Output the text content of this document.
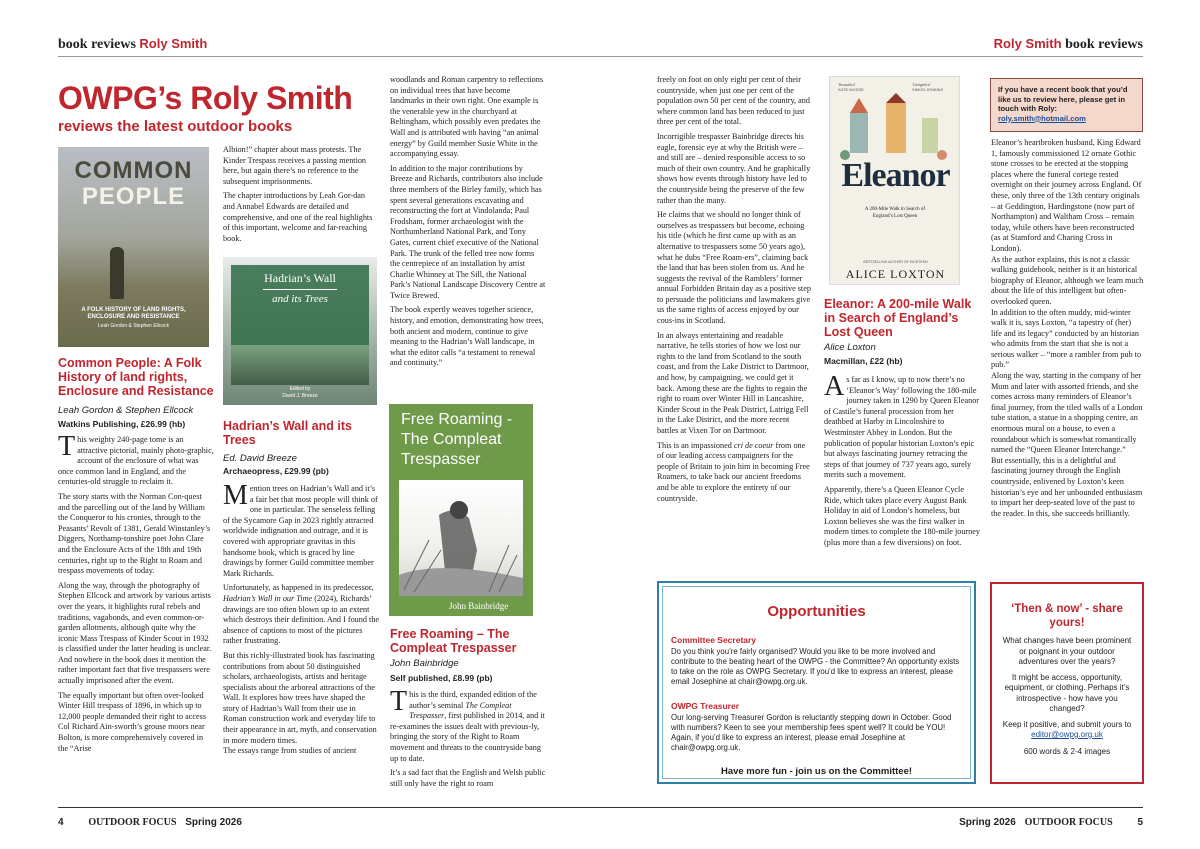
book reviews Roly Smith
OWPG’s Roly Smith
reviews the latest outdoor books
COMMON
PEOPLE
A FOLK HISTORY OF LAND RIGHTS, ENCLOSURE AND RESISTANCE
Leah Gordon & Stephen Ellcock
Common People: A Folk History of land rights, Enclosure and Resistance
Leah Gordon & Stephen Ellcock
Watkins Publishing, £26.99 (hb)

This weighty 240-page tome is an attractive pictorial, mainly photo-graphic, account of the enclosure of what was once common land in England, and the centuries-old struggle to reclaim it.

The story starts with the Norman Con-quest and the parcelling out of the land by William the Conqueror to his cronies, through to the Peasants’ Revolt of 1381, Gerald Winstanley’s Diggers, Northamp-tonshire poet John Clare and the Enclosure Acts of the 18th and 19th centuries, right up to the Right to Roam and trespass movements of today.

Along the way, through the photography of Stephen Ellcock and artwork by various artists over the years, it highlights rural rebels and traditions, vagabonds, and even common-or-garden allotments, although quite why the iconic Mass Trespass of Kinder Scout in 1932 is classified under the latter heading is unclear. And nowhere in the book does it mention the rather important fact that five trespassers were actually imprisoned after the event.

The equally important but often over-looked Winter Hill trespass of 1896, in which up to 12,000 people demanded their right to access Col Richard Ain-sworth’s grouse moors near Bolton, is more comprehensively covered in the “Arise

Albion!” chapter about mass protests. The Kinder Trespass receives a passing mention here, but again there’s no reference to the subsequent imprisonments.

The chapter introductions by Leah Gor-dan and Annabel Edwards are detailed and comprehensive, and one of the real highlights of this important, welcome and far-reaching book.

Hadrian’s Wall
and its Trees
Edited by
David J. Breeze
Hadrian’s Wall and its Trees
Ed. David Breeze
Archaeopress, £29.99 (pb)

Mention trees on Hadrian’s Wall and it’s a fair bet that most people will think of one in particular. The senseless felling of the Sycamore Gap in 2023 rightly attracted worldwide indignation and outrage, and it is covered with appropriate gravitas in this handsome book, which is graced by line drawings by former Guild committee member Mark Richards.

Unfortunately, as happened in its predecessor, Hadrian’s Wall in our Time (2024), Richards’ drawings are too often blown up to an extent which destroys their definition. And I found the absence of captions to most of the pictures rather frustrating.

But this richly-illustrated book has fascinating contributions from about 50 distinguished scholars, archaeologists, artists and heritage specialists about the arboreal attractions of the Wall. It explores how trees have shaped the story of Hadrian’s Wall from their use in Roman construction work and everyday life to their appearance in art, myth, and conservation in more modern times.

The essays range from studies of ancient

woodlands and Roman carpentry to reflections on individual trees that have become landmarks in their own right. One example is the venerable yew in the churchyard at Beltingham, which possibly even predates the Wall and is attributed with having “an animal energy” by Guild member Susie White in the accompanying essay.

In addition to the major contributions by Breeze and Richards, contributors also include three members of the Birley family, which has spent several generations excavating and reconstructing the fort at Vindolanda; Paul Frodsham, former archaeologist with the Northumberland National Park, and Tony Gates, current chief executive of the National Park. The trunk of the felled tree now forms the centrepiece of an installation by artist Charlie Whinney at The Sill, the National Park’s National Landscape Discovery Centre at Twice Brewed.

The book expertly weaves together science, history, and emotion, demonstrating how trees, both ancient and modern, continue to give meaning to the Hadrian’s Wall landscape, in what the editor calls “a testament to renewal and continuity.”

Free Roaming - The Compleat Trespasser
John Bainbridge
Free Roaming – The Compleat Trespasser
John Bainbridge
Self published, £8.99 (pb)

This is the third, expanded edition of the author’s seminal The Compleat Trespasser, first published in 2014, and it re-examines the issues dealt with previous-ly, bringing the story of the Right to Roam movement and threats to the countryside bang up to date.

It’s a sad fact that the English and Welsh public still only have the right to roam

4 OUTDOOR FOCUS Spring 2026
Roly Smith book reviews

freely on foot on only eight per cent of their countryside, when just one per cent of the population own 50 per cent of the country, and where common land has been reduced to just three per cent of the total.

Incorrigible trespasser Bainbridge directs his eagle, forensic eye at why the British were – and still are – denied responsible access to so much of their own country. And he graphically shows how events through history have led to the countryside being the preserve of the few rather than the many.

He claims that we should no longer think of ourselves as trespassers but become, echoing his title (which he first came up with as an alternative to trespassers some 50 years ago), what he dubs “Free Roam-ers”, claiming back the land that has been stolen from us. And he suggests the revival of the Ramblers’ former annual Forbidden Britain day as a positive step to persuade the politicians and lawmakers give us the same rights of access enjoyed by our cous-ins in Scotland.

In an always entertaining and readable narrative, he tells stories of how we lost our rights to the land from Scotland to the south coast, and from the Lake District to Dartmoor, and how, by campaigning, we could get it back. Among these are the fights to regain the right to roam over Winter Hill in Lancashire, Kinder Scout in the Peak District, Latrigg Fell in the Lake District, and the more recent battles at Vixen Tor on Dartmoor.

This is an impassioned cri de coeur from one of our leading access campaigners for the people of Britain to join him in becoming Free Roamers, to take back our ancient freedoms and be able to explore the entirety of our countryside.

‘Beautiful’
KATE MOSSE
‘Delightful’
SIMON JENKINS
Eleanor
A 200-Mile Walk in Search of England’s Lost Queen
BESTSELLING AUTHOR OF EIGHTEEN
ALICE LOXTON
Eleanor: A 200-mile Walk in Search of England’s Lost Queen
Alice Loxton
Macmillan, £22 (hb)

As far as I know, up to now there’s no ‘Eleanor’s Way’ following the 180-mile journey taken in 1290 by Queen Eleanor of Castile’s funeral procession from her deathbed at Harby in Lincolnshire to Westminster Abbey in London. But the publication of popular historian Loxton’s epic but always fascinating journey retracing the steps of that journey of 737 years ago, surely merits such a movement.

Apparently, there’s a Queen Eleanor Cycle Ride, which takes place every August Bank Holiday in aid of London’s homeless, but Loxton believes she was the first walker in modern times to complete the 180-mile journey (plus more than a few diversions) on foot.

If you have a recent book that you’d like us to review here, please get in touch with Roly: roly.smith@hotmail.com

Eleanor’s heartbroken husband, King Edward 1, famously commissioned 12 ornate Gothic stone crosses to be erected at the stopping places where the funeral cortege rested overnight on their journey across England. Of these, only three of the 13th century originals – at Geddington, Hardingstone (now part of Northampton) and Waltham Cross – remain today, while others have been reconstructed (as at Stamford and Charing Cross in London).

As the author explains, this is not a classic walking guidebook, neither is it an historical biography of Eleanor, although we learn much about the life of this intelligent but often-overlooked queen.

In addition to the often muddy, mid-winter walk it is, says Loxton, “a tapestry of (her) life and its legacy” conducted by an historian who admits from the start that she is not a serious walker – “more a rambler from pub to pub.”

Along the way, starting in the company of her Mum and later with assorted friends, and she comes across many reminders of Eleanor’s final journey, from the tiled walls of a London tube station, a statue in a shopping centre, an enormous mural on a house, to even a roundabout which is somewhat romantically named the “Queen Eleanor Interchange.”

But essentially, this is a delightful and fascinating journey through the English countryside, enlivened by Loxton’s keen historian’s eye and her unbounded enthusiasm to impart her deep-seated love of the past to the reader. In this, she succeeds brilliantly.

Opportunities
Committee Secretary
Do you think you’re fairly organised? Would you like to be more involved and contribute to the beating heart of the OWPG - the Committee? An opportunity exists to take on the role as OWPG Secretary. If you’d like to express an interest, please email Josephine at chair@owpg.org.uk.
OWPG Treasurer
Our long-serving Treasurer Gordon is reluctantly stepping down in October. Good with numbers? Keen to see your membership fees spent well? It could be YOU! Again, if you’d like to express an interest, please email Josephine at chair@owpg.org.uk.
Have more fun - join us on the Committee!
‘Then & now’ - share yours!
What changes have been prominent or poignant in your outdoor adventures over the years?
It might be access, opportunity, equipment, or clothing. Perhaps it’s introspective - how have you changed?
Keep it positive, and submit yours to editor@owpg.org.uk
600 words & 2-4 images
Spring 2026 OUTDOOR FOCUS 5
